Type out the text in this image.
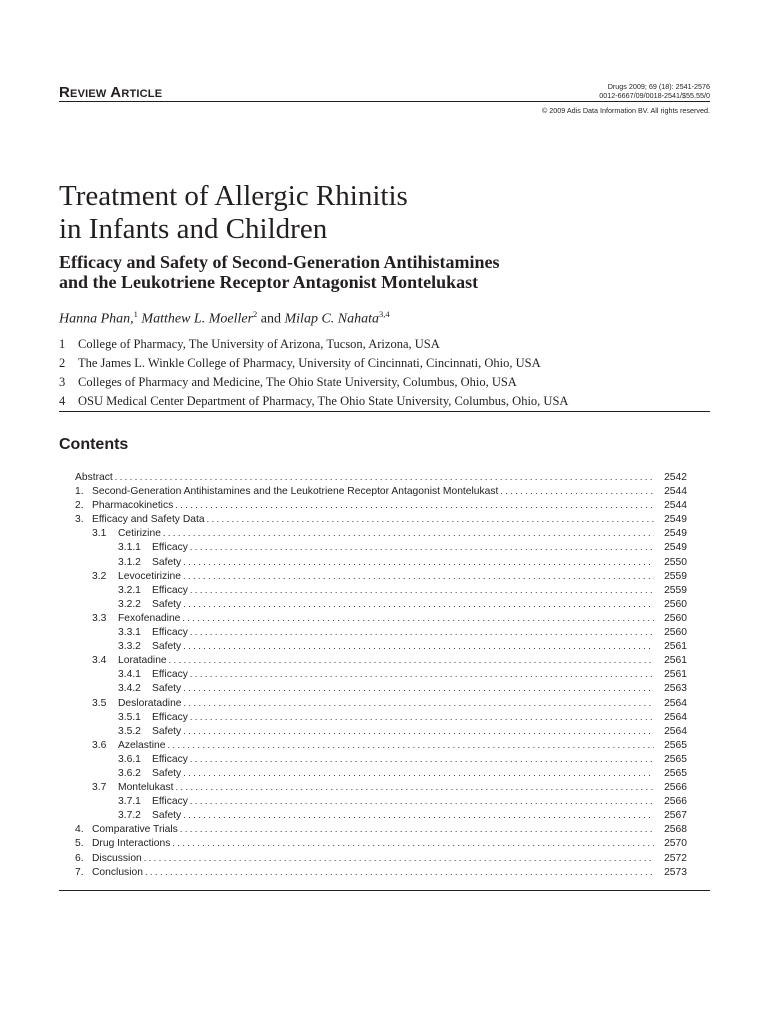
Review Article	Drugs 2009; 69 (18): 2541-2576
0012-6667/09/0018-2541/$55.55/0
© 2009 Adis Data Information BV. All rights reserved.
Treatment of Allergic Rhinitis
in Infants and Children
Efficacy and Safety of Second-Generation Antihistamines
and the Leukotriene Receptor Antagonist Montelukast
Hanna Phan,$^1$ Matthew L. Moeller$^2$ and Milap C. Nahata$^{3,4}$
1	College of Pharmacy, The University of Arizona, Tucson, Arizona, USA
2	The James L. Winkle College of Pharmacy, University of Cincinnati, Cincinnati, Ohio, USA
3	Colleges of Pharmacy and Medicine, The Ohio State University, Columbus, Ohio, USA
4	OSU Medical Center Department of Pharmacy, The Ohio State University, Columbus, Ohio, USA
Contents
Abstract . . .	2542
1. Second-Generation Antihistamines and the Leukotriene Receptor Antagonist Montelukast . . .	2544
2. Pharmacokinetics . . .	2544
3. Efficacy and Safety Data . . .	2549
3.1	Cetirizine . . .	2549
3.1.1	Efficacy . . .	2549
3.1.2	Safety . . .	2550
3.2	Levocetirizine . . .	2559
3.2.1	Efficacy . . .	2559
3.2.2	Safety . . .	2560
3.3	Fexofenadine . . .	2560
3.3.1	Efficacy . . .	2560
3.3.2	Safety . . .	2561
3.4	Loratadine . . .	2561
3.4.1	Efficacy . . .	2561
3.4.2	Safety . . .	2563
3.5	Desloratadine . . .	2564
3.5.1	Efficacy . . .	2564
3.5.2	Safety . . .	2564
3.6	Azelastine . . .	2565
3.6.1	Efficacy . . .	2565
3.6.2	Safety . . .	2565
3.7	Montelukast . . .	2566
3.7.1	Efficacy . . .	2566
3.7.2	Safety . . .	2567
4. Comparative Trials . . .	2568
5. Drug Interactions . . .	2570
6. Discussion . . .	2572
7. Conclusion . . .	2573
